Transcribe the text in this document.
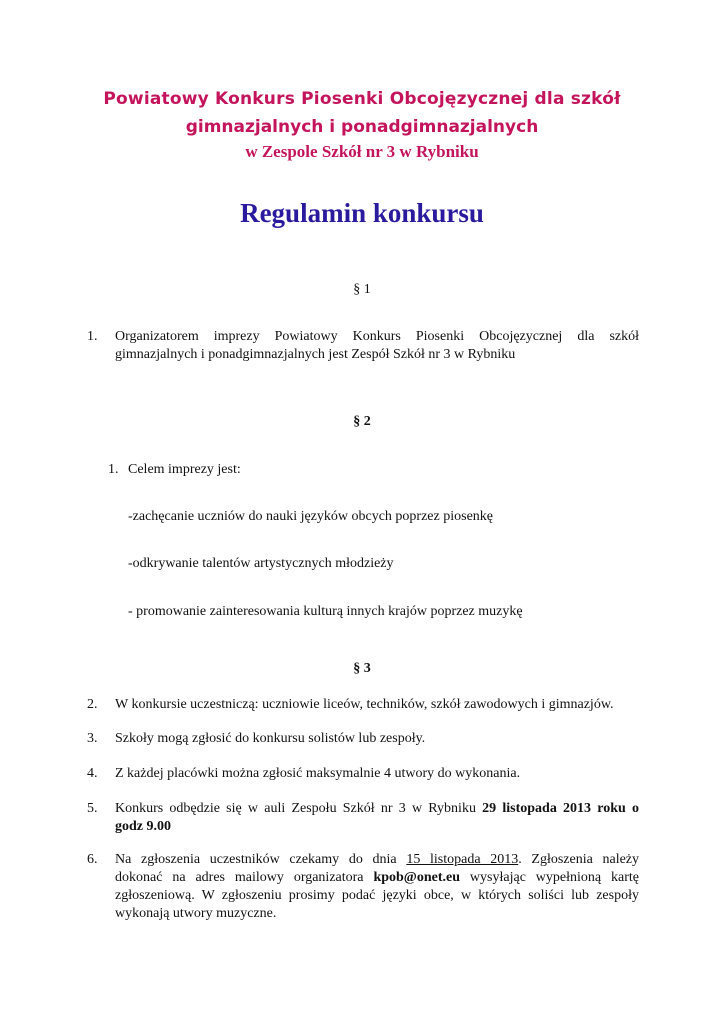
Powiatowy Konkurs Piosenki Obcojęzycznej dla szkół
gimnazjalnych i ponadgimnazjalnych
w Zespole Szkół nr 3 w Rybniku
Regulamin konkursu
§ 1
1. Organizatorem imprezy Powiatowy Konkurs Piosenki Obcojęzycznej dla szkół
gimnazjalnych i ponadgimnazjalnych jest Zespół Szkół nr 3 w Rybniku
§ 2
1. Celem imprezy jest:
-zachęcanie uczniów do nauki języków obcych poprzez piosenkę
-odkrywanie talentów artystycznych młodzieży
- promowanie zainteresowania kulturą innych krajów poprzez muzykę
§ 3
2. W konkursie uczestniczą: uczniowie liceów, techników, szkół zawodowych i gimnazjów.
3. Szkoły mogą zgłosić do konkursu solistów lub zespoły.
4. Z każdej placówki można zgłosić maksymalnie 4 utwory do wykonania.
5. Konkurs odbędzie się w auli Zespołu Szkół nr 3 w Rybniku 29 listopada 2013 roku o
godz 9.00
6. Na zgłoszenia uczestników czekamy do dnia 15 listopada 2013. Zgłoszenia należy
dokonać na adres mailowy organizatora kpob@onet.eu wysyłając wypełnioną kartę
zgłoszeniową. W zgłoszeniu prosimy podać języki obce, w których soliści lub zespoły
wykonają utwory muzyczne.
